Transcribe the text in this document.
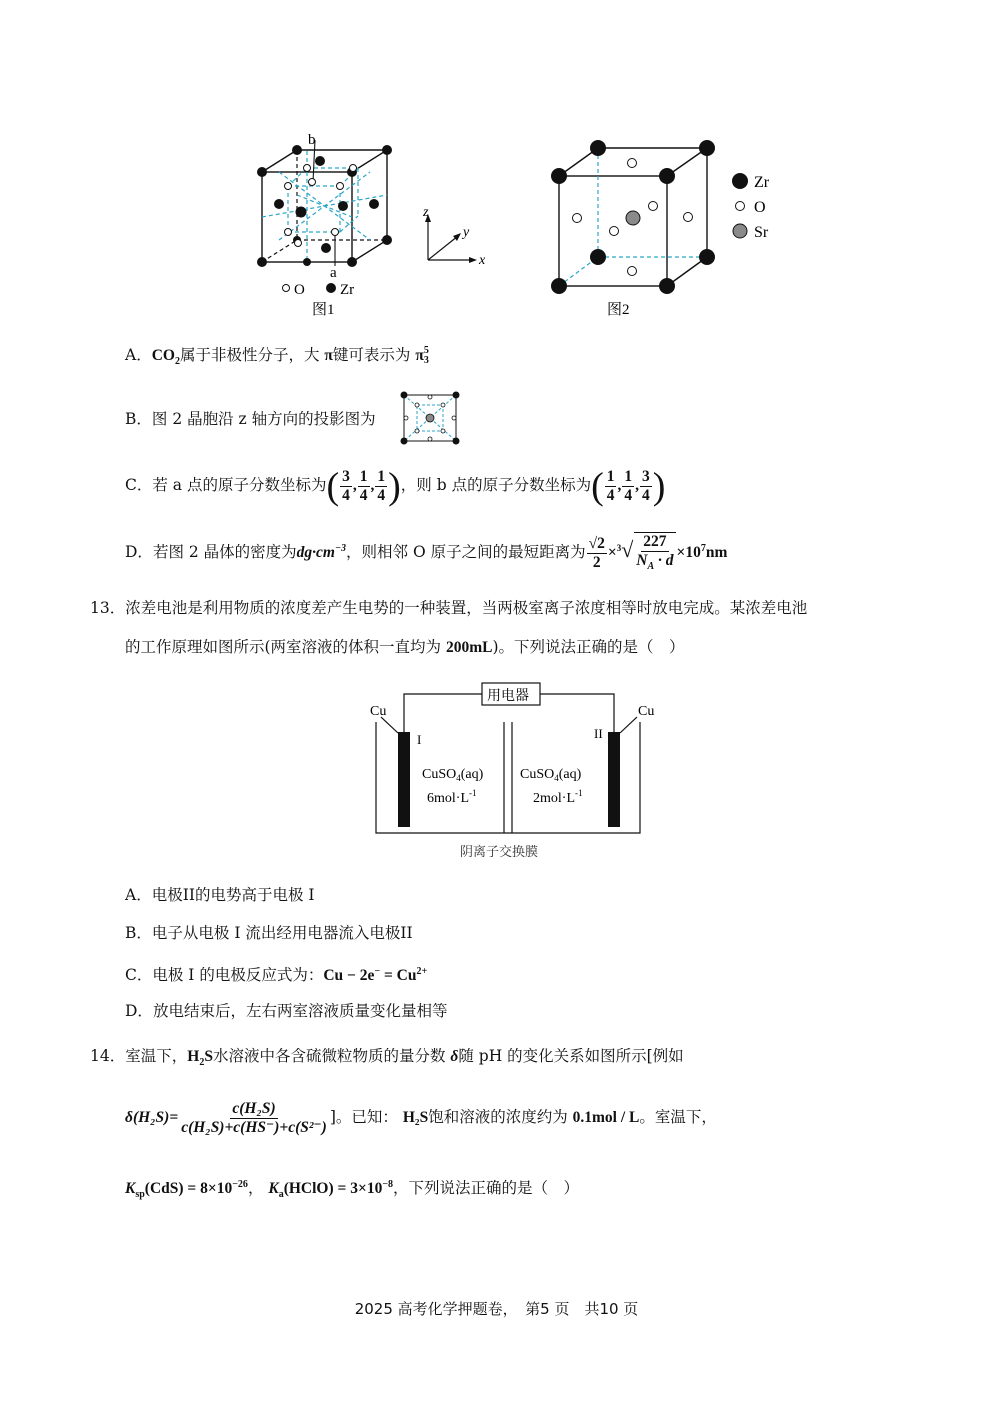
b
a
O Zr
图1
z
y
x
Zr
O
Sr
图2
A．$CO_2$属于非极性分子，大 π键可表示为 π 5
3
B．图 2 晶胞沿 z 轴方向的投影图为
C．若 a 点的原子分数坐标为( $\frac{3}{4}$ , $\frac{1}{4}$ , $\frac{1}{4}$ )，则 b 点的原子分数坐标为( $\frac{1}{4}$ , $\frac{1}{4}$ , $\frac{3}{4}$ )
D．若图 2 晶体的密度为$dg\cdot cm^{-3}$，则相邻 O 原子之间的最短距离为 $\frac{√2}{2} \times^3√ \frac{227}{N_A \cdot d} \times 10^7nm$
13．浓差电池是利用物质的浓度差产生电势的一种装置，当两极室离子浓度相等时放电完成。某浓差电池
的工作原理如图所示(两室溶液的体积一直均为 200mL)。下列说法正确的是（　）
用电器
Cu	Cu
I	II
CuSO$_4$(aq)
$6mol\cdot L^{-1}$
CuSO$_4$(aq)
$2mol\cdot L^{-1}$
阴离子交换膜
A．电极II的电势高于电极 I
B．电子从电极 I 流出经用电器流入电极II
C．电极 I 的电极反应式为：$Cu - 2e^- = Cu^{2+}$
D．放电结束后，左右两室溶液质量变化量相等
14．室温下，$H_2S$水溶液中各含硫微粒物质的量分数 δ随 pH 的变化关系如图所示[例如
$\delta(H_2S)= \frac{\text{c(H₂S)}}{\text{c(H₂S)+c(HS⁻)+c(S²⁻)}}$ ]。已知： H₂S饱和溶液的浓度约为 0.1mol / L。室温下，
$K_{sp}(CdS) = 8\times 10^{-26}$， $K_a(HClO) = 3\times 10^{-8}$，下列说法正确的是（　）
2025 高考化学押题卷，　第5 页　共10 页
